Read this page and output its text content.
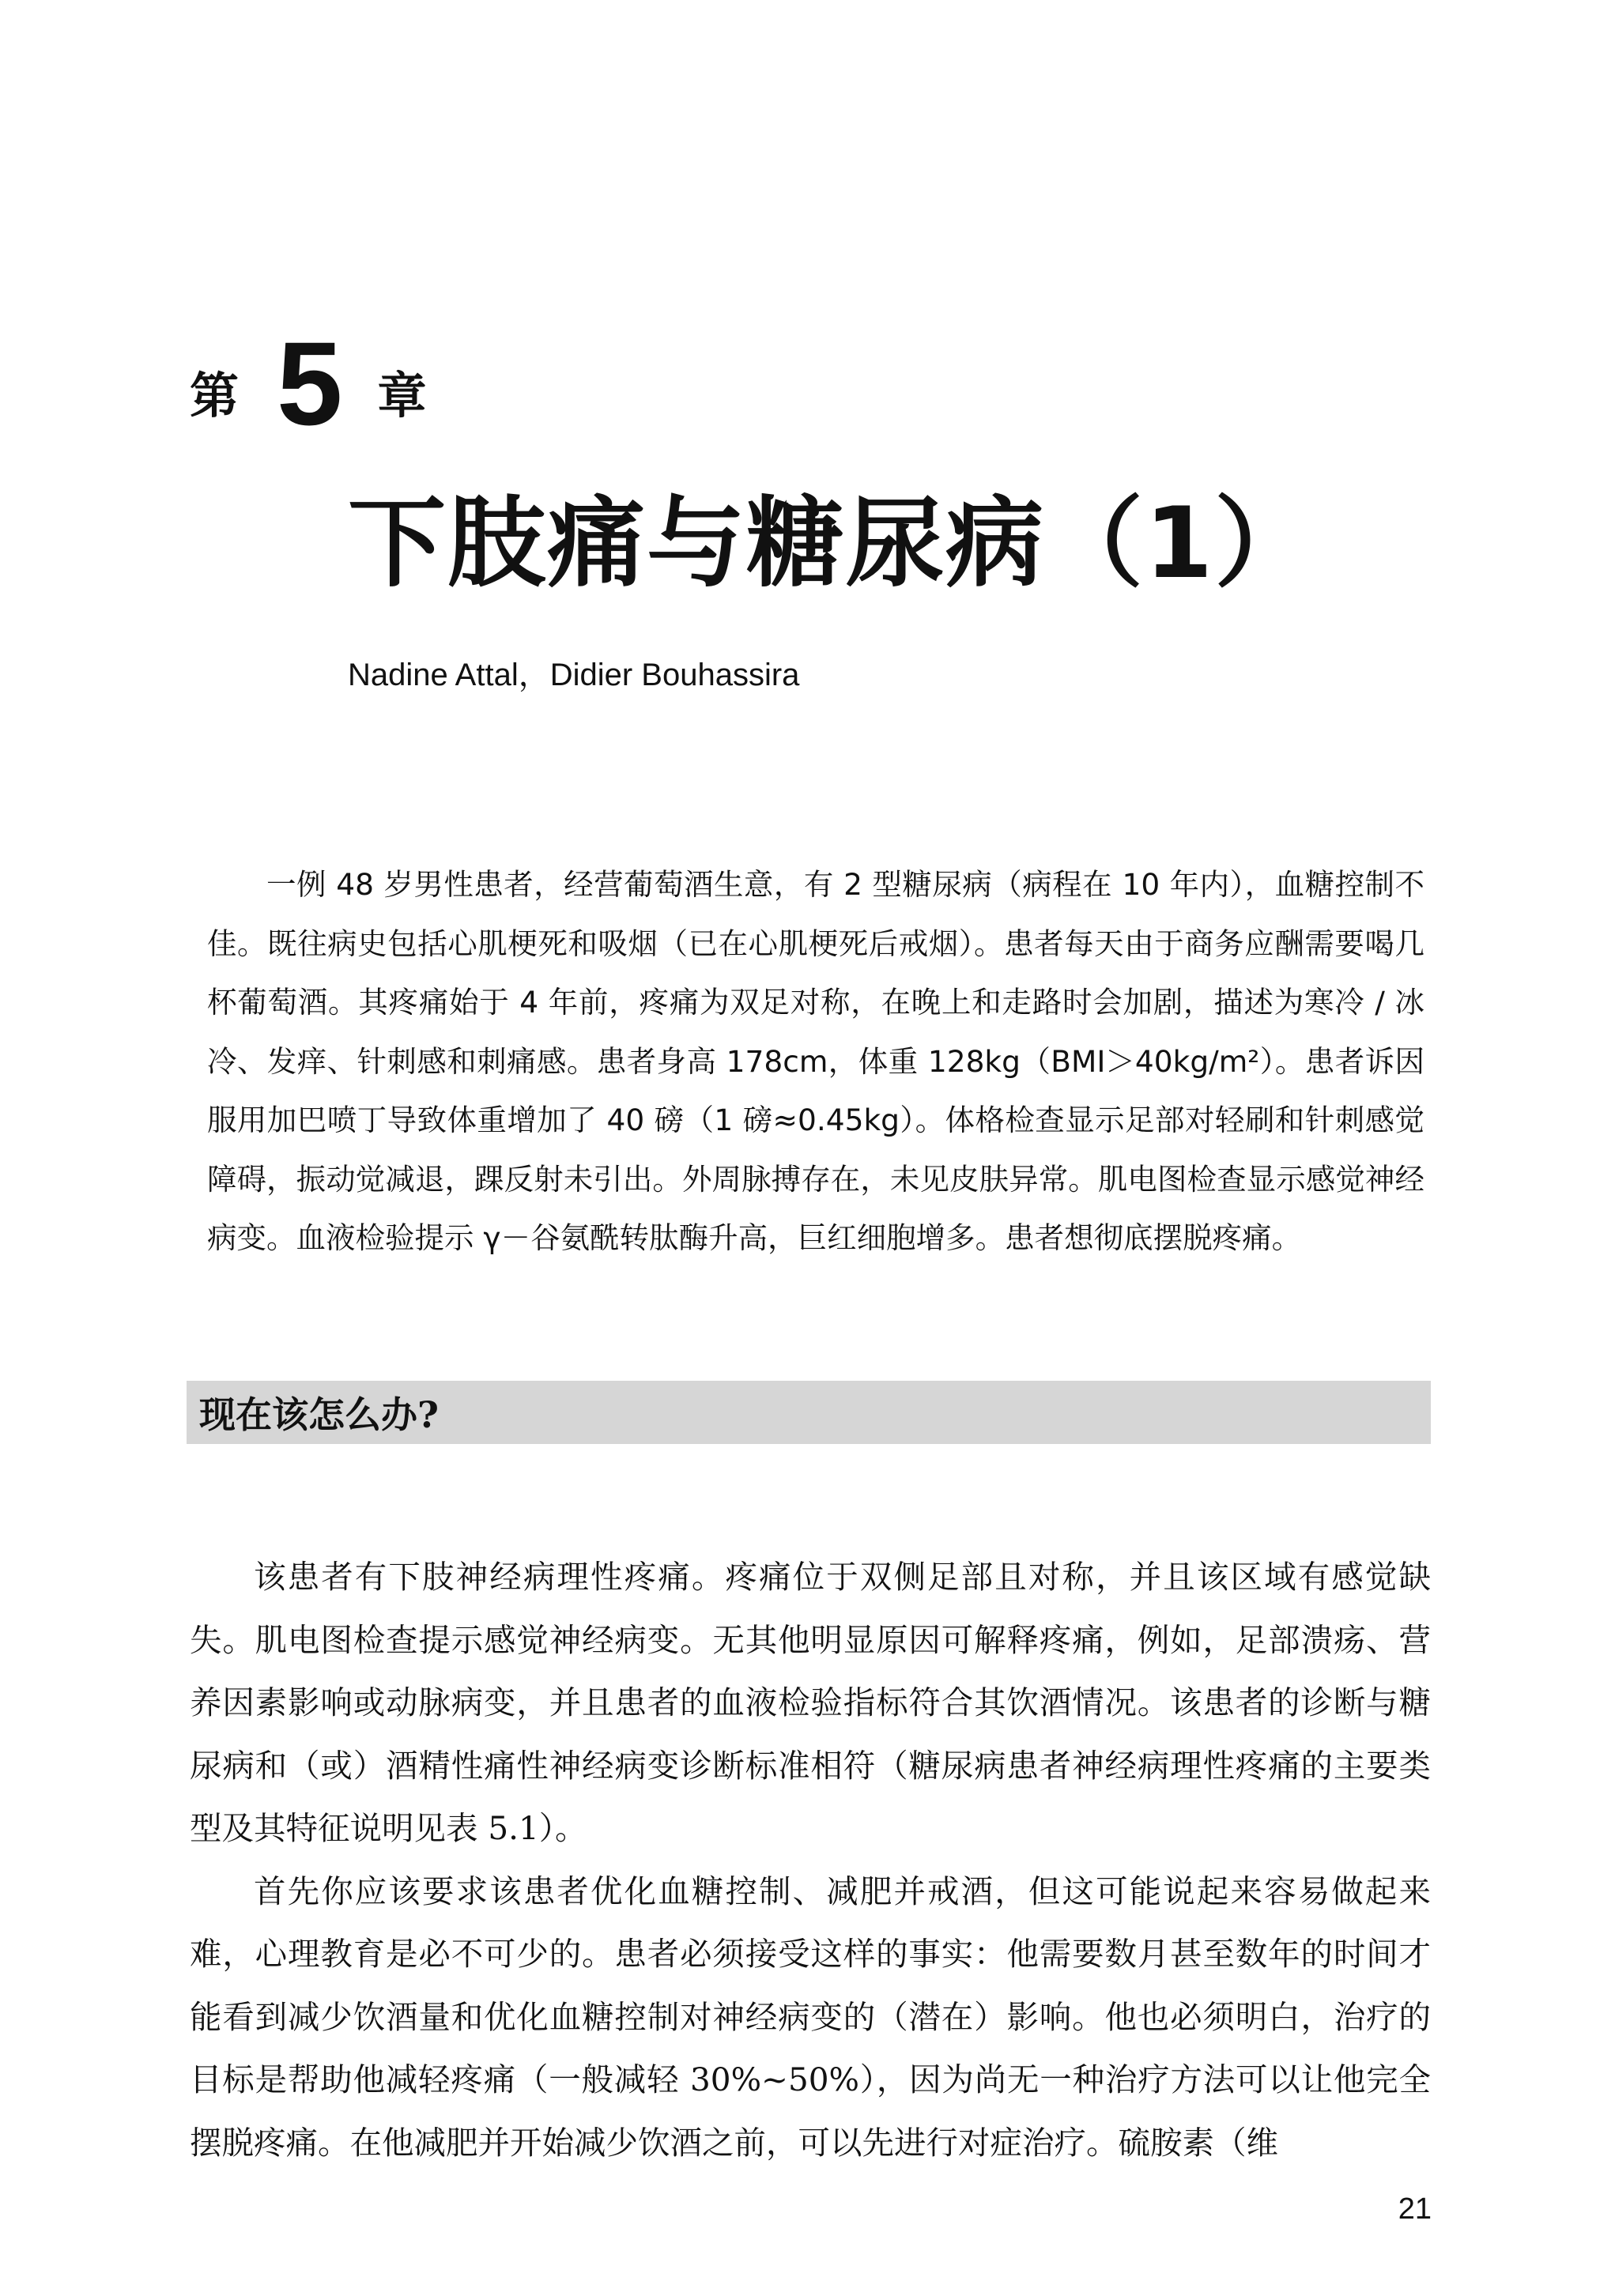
第 5 章
下肢痛与糖尿病（1）
Nadine Attal，Didier Bouhassira

一例 48 岁男性患者，经营葡萄酒生意，有 2 型糖尿病（病程在 10 年内），血糖控制不佳。既往病史包括心肌梗死和吸烟（已在心肌梗死后戒烟）。患者每天由于商务应酬需要喝几杯葡萄酒。其疼痛始于 4 年前，疼痛为双足对称，在晚上和走路时会加剧，描述为寒冷 / 冰冷、发痒、针刺感和刺痛感。患者身高 178cm，体重 128kg（BMI＞40kg/m²）。患者诉因服用加巴喷丁导致体重增加了 40 磅（1 磅≈0.45kg）。体格检查显示足部对轻刷和针刺感觉障碍，振动觉减退，踝反射未引出。外周脉搏存在，未见皮肤异常。肌电图检查显示感觉神经病变。血液检验提示 γ－谷氨酰转肽酶升高，巨红细胞增多。患者想彻底摆脱疼痛。

现在该怎么办?

该患者有下肢神经病理性疼痛。疼痛位于双侧足部且对称，并且该区域有感觉缺失。肌电图检查提示感觉神经病变。无其他明显原因可解释疼痛，例如，足部溃疡、营养因素影响或动脉病变，并且患者的血液检验指标符合其饮酒情况。该患者的诊断与糖尿病和（或）酒精性痛性神经病变诊断标准相符（糖尿病患者神经病理性疼痛的主要类型及其特征说明见表 5.1）。

首先你应该要求该患者优化血糖控制、减肥并戒酒，但这可能说起来容易做起来难，心理教育是必不可少的。患者必须接受这样的事实：他需要数月甚至数年的时间才能看到减少饮酒量和优化血糖控制对神经病变的（潜在）影响。他也必须明白，治疗的目标是帮助他减轻疼痛（一般减轻 30%~50%），因为尚无一种治疗方法可以让他完全摆脱疼痛。在他减肥并开始减少饮酒之前，可以先进行对症治疗。硫胺素（维

21
